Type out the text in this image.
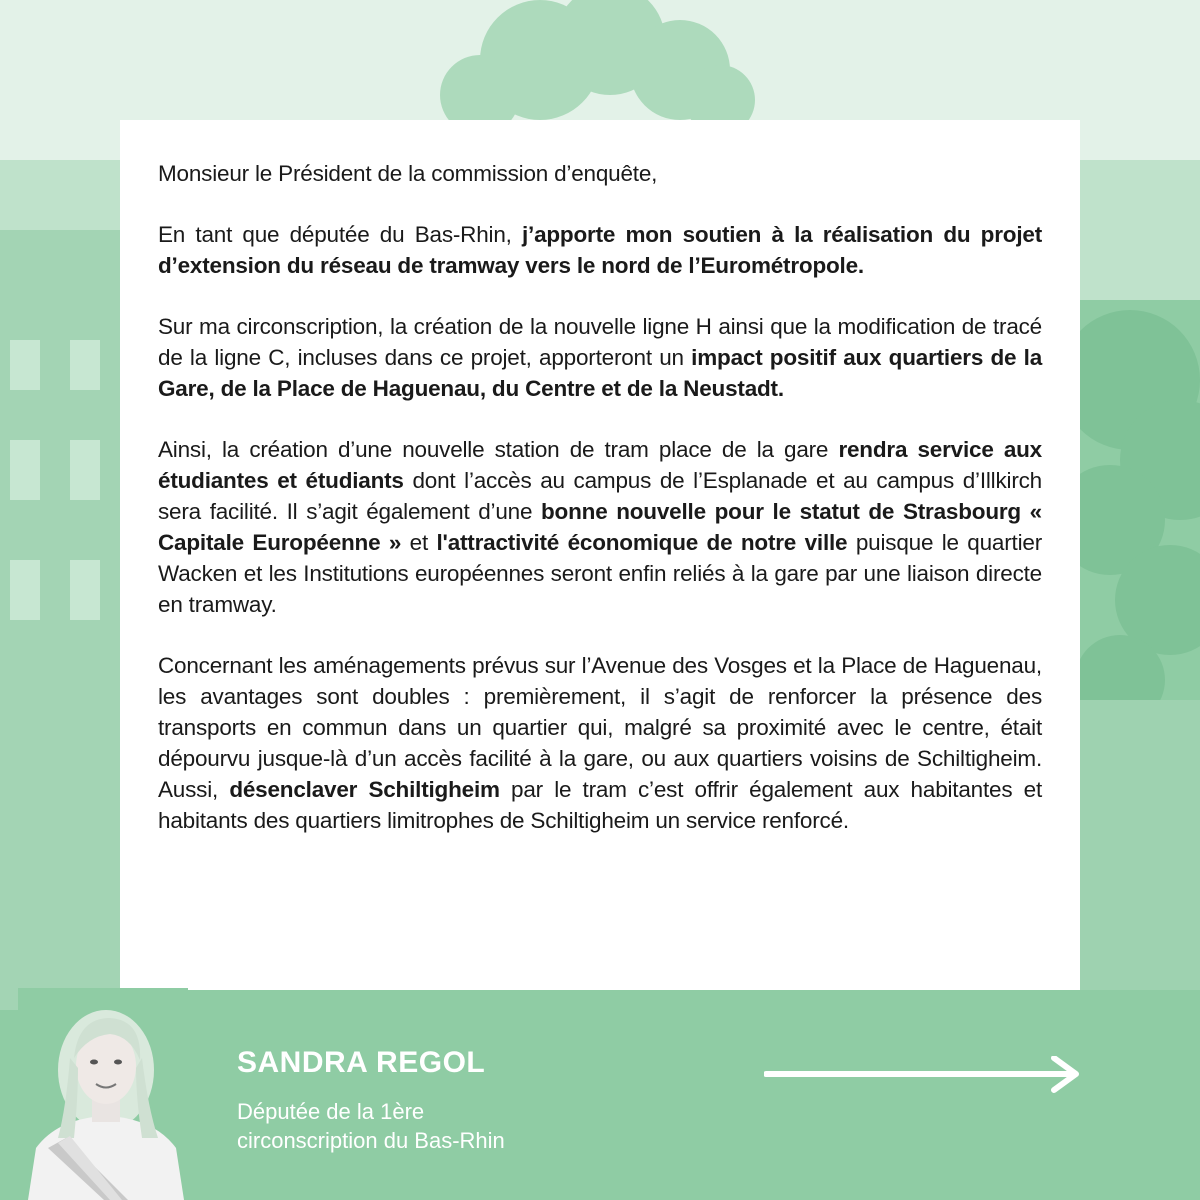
Monsieur le Président de la commission d’enquête,

En tant que députée du Bas-Rhin, j’apporte mon soutien à la réalisation du projet d’extension du réseau de tramway vers le nord de l’Eurométropole.

Sur ma circonscription, la création de la nouvelle ligne H ainsi que la modification de tracé de la ligne C, incluses dans ce projet, apporteront un impact positif aux quartiers de la Gare, de la Place de Haguenau, du Centre et de la Neustadt.

Ainsi, la création d’une nouvelle station de tram place de la gare rendra service aux étudiantes et étudiants dont l’accès au campus de l’Esplanade et au campus d’Illkirch sera facilité. Il s’agit également d’une bonne nouvelle pour le statut de Strasbourg « Capitale Européenne » et l'attractivité économique de notre ville puisque le quartier Wacken et les Institutions européennes seront enfin reliés à la gare par une liaison directe en tramway.

Concernant les aménagements prévus sur l’Avenue des Vosges et la Place de Haguenau, les avantages sont doubles : premièrement, il s’agit de renforcer la présence des transports en commun dans un quartier qui, malgré sa proximité avec le centre, était dépourvu jusque-là d’un accès facilité à la gare, ou aux quartiers voisins de Schiltigheim. Aussi, désenclaver Schiltigheim par le tram c’est offrir également aux habitantes et habitants des quartiers limitrophes de Schiltigheim un service renforcé.

SANDRA REGOL
Députée de la 1ère
circonscription du Bas-Rhin
